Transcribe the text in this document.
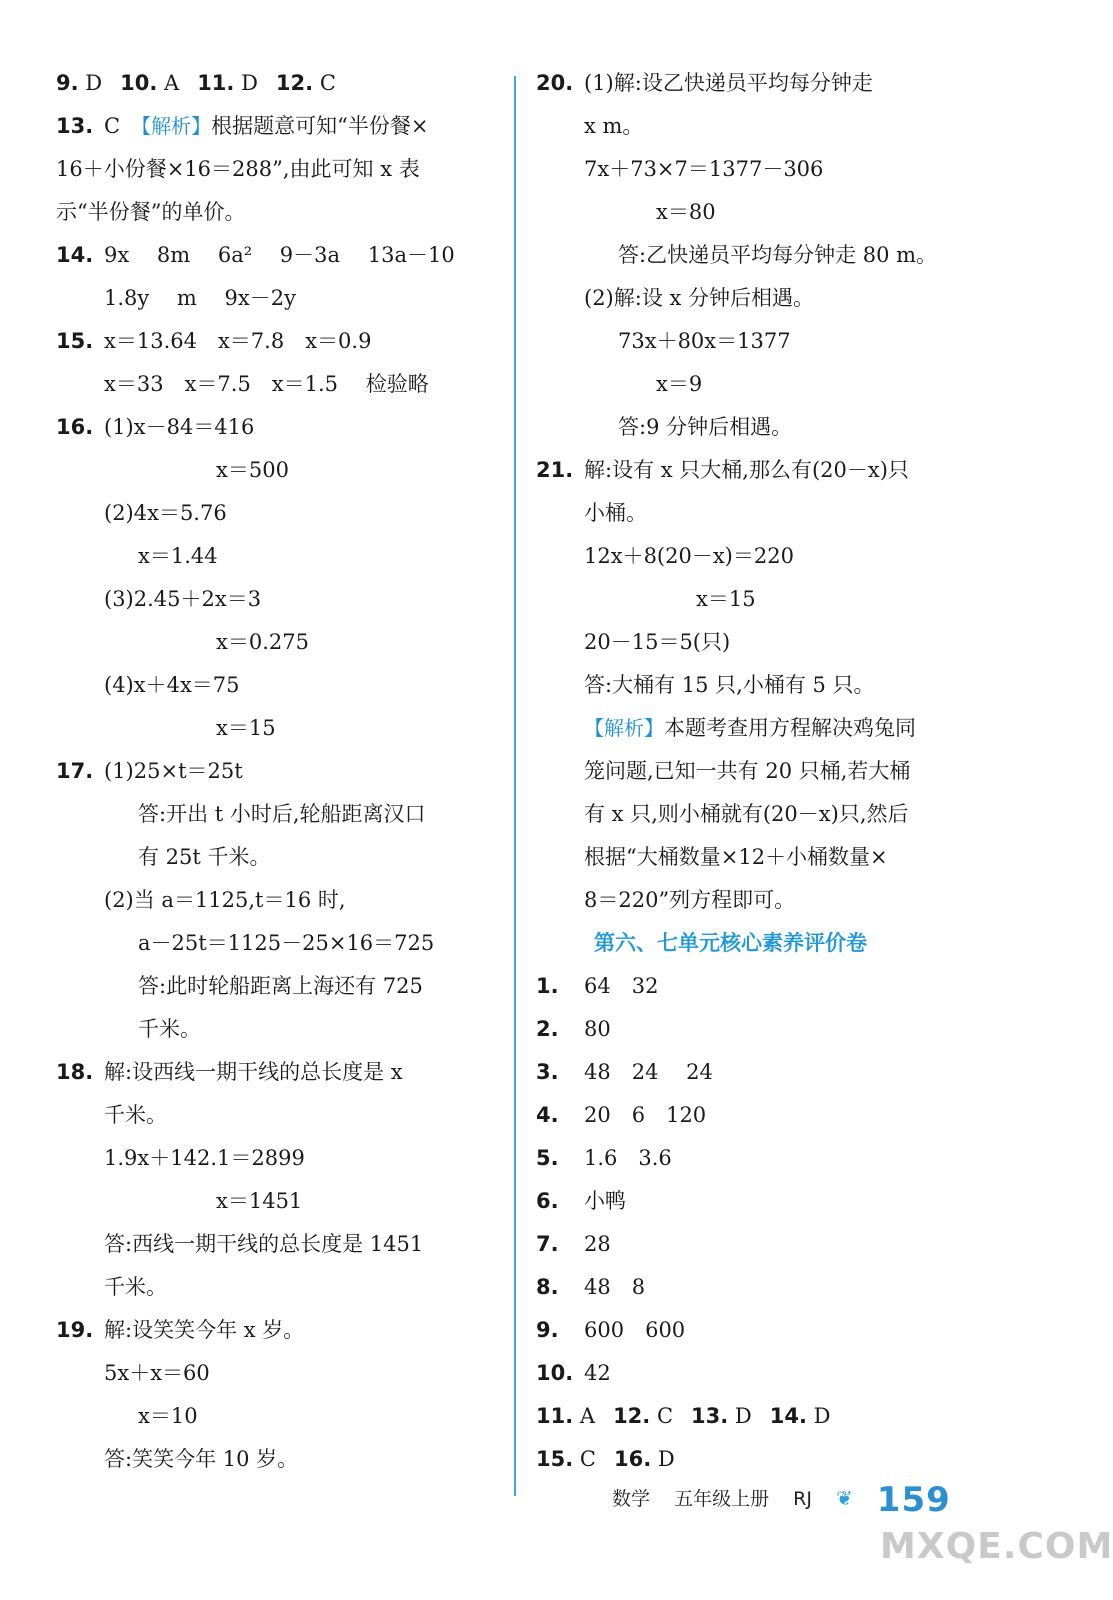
9. D 10. A 11. D 12. C
13. C　 【解析】根据题意可知“半份餐×
16＋小份餐×16＝288”,由此可知 x 表
示“半份餐”的单价。
14. 9x　 8m　 6a²　 9－3a　 13a－10
1.8y　 m　 9x－2y
15. x＝13.64　x＝7.8　x＝0.9
x＝33　x＝7.5　x＝1.5　 检验略
16. (1)x－84＝416
x＝500
(2)4x＝5.76
x＝1.44
(3)2.45＋2x＝3
x＝0.275
(4)x＋4x＝75
x＝15
17. (1)25×t＝25t
答:开出 t 小时后,轮船距离汉口
有 25t 千米。
(2)当 a＝1125,t＝16 时,
a－25t＝1125－25×16＝725
答:此时轮船距离上海还有 725
千米。
18. 解:设西线一期干线的总长度是 x
千米。
1.9x＋142.1＝2899
x＝1451
答:西线一期干线的总长度是 1451
千米。
19. 解:设笑笑今年 x 岁。
5x＋x＝60
x＝10
答:笑笑今年 10 岁。
20. (1)解:设乙快递员平均每分钟走
x m。
7x＋73×7＝1377－306
x＝80
答:乙快递员平均每分钟走 80 m。
(2)解:设 x 分钟后相遇。
73x＋80x＝1377
x＝9
答:9 分钟后相遇。
21. 解:设有 x 只大桶,那么有(20－x)只
小桶。
12x＋8(20－x)＝220
x＝15
20－15＝5(只)
答:大桶有 15 只,小桶有 5 只。
【解析】本题考查用方程解决鸡兔同
笼问题,已知一共有 20 只桶,若大桶
有 x 只,则小桶就有(20－x)只,然后
根据“大桶数量×12＋小桶数量×
8＝220”列方程即可。
第六、七单元核心素养评价卷
1. 64　32
2. 80
3. 48　24　 24
4. 20　6　120
5. 1.6　3.6
6. 小鸭
7. 28
8. 48　8
9. 600　600
10. 42
11. A 12. C 13. D 14. D
15. C 16. D
数学 五年级上册 RJ ❦ 159
MXQE.COM
